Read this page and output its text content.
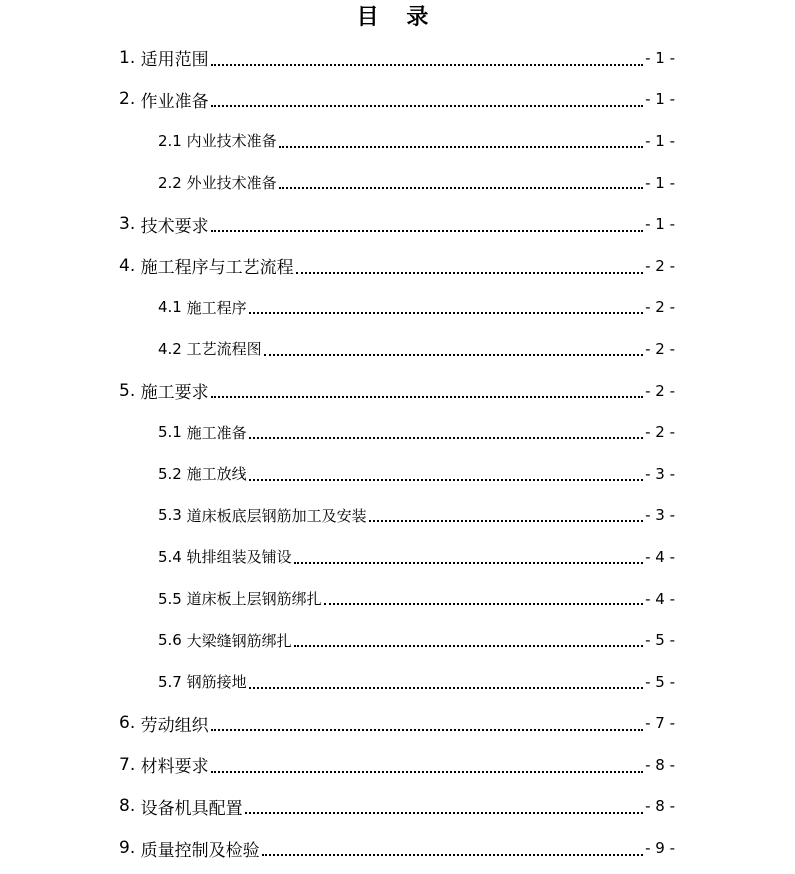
目 录
1. 适用范围	- 1 -
2. 作业准备	- 1 -
2.1 内业技术准备	- 1 -
2.2 外业技术准备	- 1 -
3. 技术要求	- 1 -
4. 施工程序与工艺流程	- 2 -
4.1 施工程序	- 2 -
4.2 工艺流程图	- 2 -
5. 施工要求	- 2 -
5.1 施工准备	- 2 -
5.2 施工放线	- 3 -
5.3 道床板底层钢筋加工及安装	- 3 -
5.4 轨排组装及铺设	- 4 -
5.5 道床板上层钢筋绑扎	- 4 -
5.6 大梁缝钢筋绑扎	- 5 -
5.7 钢筋接地	- 5 -
6. 劳动组织	- 7 -
7. 材料要求	- 8 -
8. 设备机具配置	- 8 -
9. 质量控制及检验	- 9 -
